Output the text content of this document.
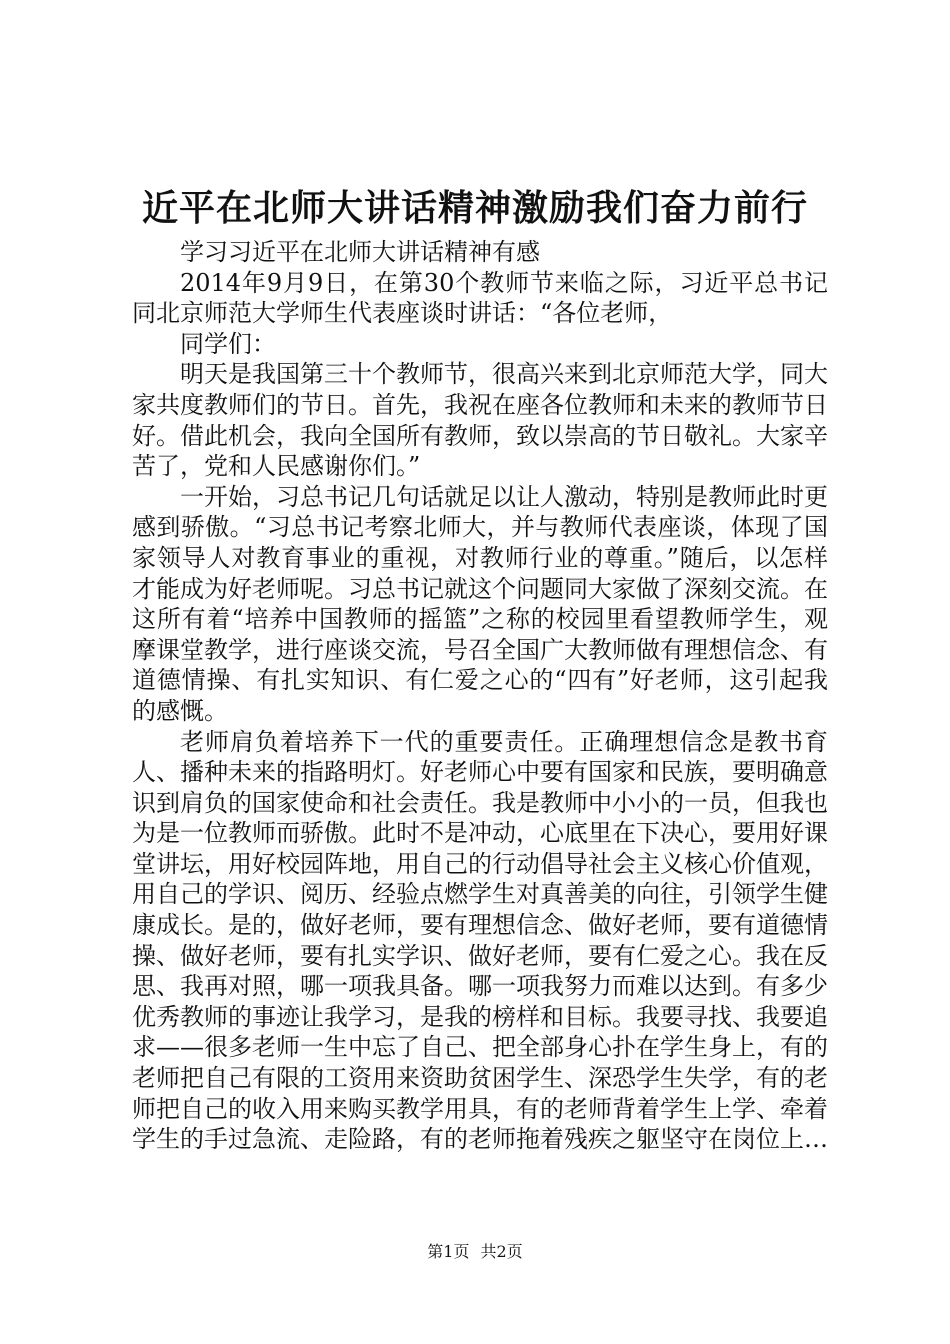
近平在北师大讲话精神激励我们奋力前行

学习习近平在北师大讲话精神有感

2014年9月9日，在第30个教师节来临之际，习近平总书记同北京师范大学师生代表座谈时讲话：“各位老师，

同学们：

明天是我国第三十个教师节，很高兴来到北京师范大学，同大家共度教师们的节日。首先，我祝在座各位教师和未来的教师节日好。借此机会，我向全国所有教师，致以崇高的节日敬礼。大家辛苦了，党和人民感谢你们。”

一开始，习总书记几句话就足以让人激动，特别是教师此时更感到骄傲。“习总书记考察北师大，并与教师代表座谈，体现了国家领导人对教育事业的重视，对教师行业的尊重。”随后，以怎样才能成为好老师呢。习总书记就这个问题同大家做了深刻交流。在这所有着“培养中国教师的摇篮”之称的校园里看望教师学生，观摩课堂教学，进行座谈交流，号召全国广大教师做有理想信念、有道德情操、有扎实知识、有仁爱之心的“四有”好老师，这引起我的感慨。

老师肩负着培养下一代的重要责任。正确理想信念是教书育人、播种未来的指路明灯。好老师心中要有国家和民族，要明确意识到肩负的国家使命和社会责任。我是教师中小小的一员，但我也为是一位教师而骄傲。此时不是冲动，心底里在下决心，要用好课堂讲坛，用好校园阵地，用自己的行动倡导社会主义核心价值观，用自己的学识、阅历、经验点燃学生对真善美的向往，引领学生健康成长。是的，做好老师，要有理想信念、做好老师，要有道德情操、做好老师，要有扎实学识、做好老师，要有仁爱之心。我在反思、我再对照，哪一项我具备。哪一项我努力而难以达到。有多少优秀教师的事迹让我学习，是我的榜样和目标。我要寻找、我要追求——很多老师一生中忘了自己、把全部身心扑在学生身上，有的老师把自己有限的工资用来资助贫困学生、深恐学生失学，有的老师把自己的收入用来购买教学用具，有的老师背着学生上学、牵着学生的手过急流、走险路，有的老师拖着残疾之躯坚守在岗位上…

第1页 共2页
